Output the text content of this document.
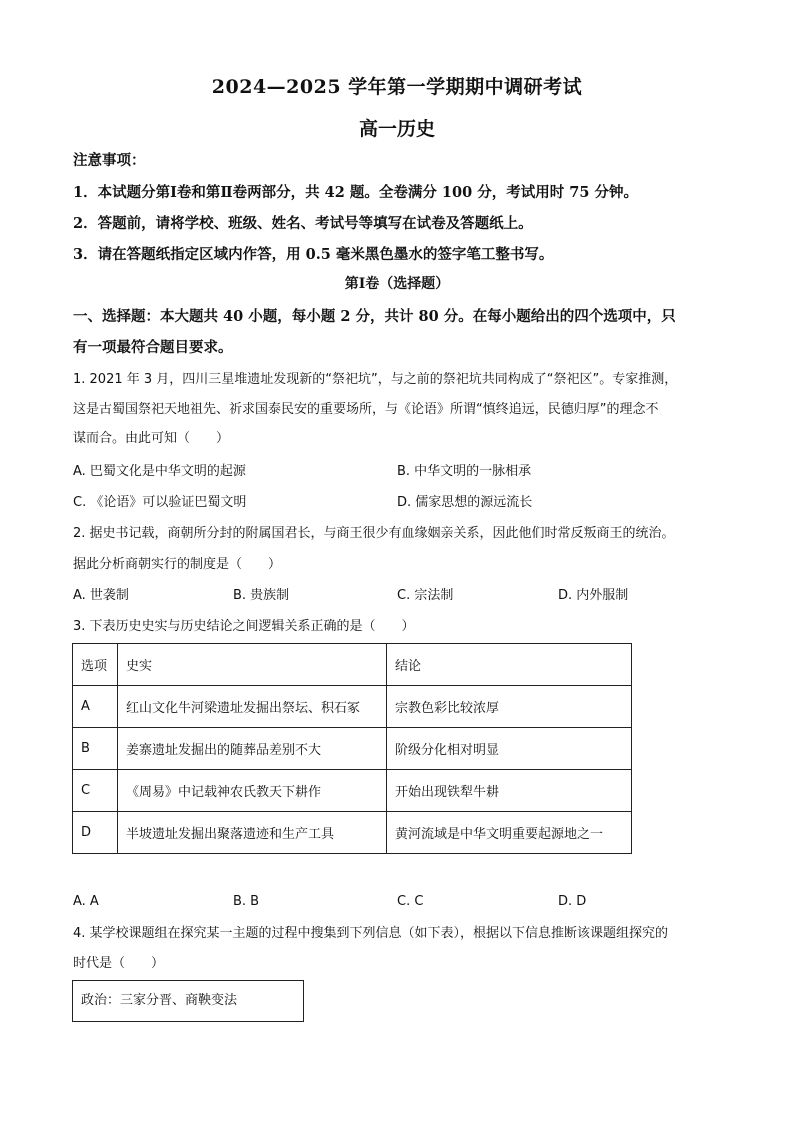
2024—2025 学年第一学期期中调研考试
高一历史
注意事项：
1．本试题分第Ⅰ卷和第Ⅱ卷两部分，共 42 题。全卷满分 100 分，考试用时 75 分钟。
2．答题前，请将学校、班级、姓名、考试号等填写在试卷及答题纸上。
3．请在答题纸指定区域内作答，用 0.5 毫米黑色墨水的签字笔工整书写。
第Ⅰ卷（选择题）
一、选择题：本大题共 40 小题，每小题 2 分，共计 80 分。在每小题给出的四个选项中，只
有一项最符合题目要求。
1. 2021 年 3 月，四川三星堆遗址发现新的“祭祀坑”，与之前的祭祀坑共同构成了“祭祀区”。专家推测，
这是古蜀国祭祀天地祖先、祈求国泰民安的重要场所，与《论语》所谓“慎终追远，民德归厚”的理念不
谋而合。由此可知（　　）
A. 巴蜀文化是中华文明的起源	B. 中华文明的一脉相承
C. 《论语》可以验证巴蜀文明	D. 儒家思想的源远流长
2. 据史书记载，商朝所分封的附属国君长，与商王很少有血缘姻亲关系，因此他们时常反叛商王的统治。
据此分析商朝实行的制度是（　　）
A. 世袭制	B. 贵族制	C. 宗法制	D. 内外服制
3. 下表历史史实与历史结论之间逻辑关系正确的是（　　）
选项	史实	结论
A	红山文化牛河梁遗址发掘出祭坛、积石冢	宗教色彩比较浓厚
B	姜寨遗址发掘出的随葬品差别不大	阶级分化相对明显
C	《周易》中记载神农氏教天下耕作	开始出现铁犁牛耕
D	半坡遗址发掘出聚落遗迹和生产工具	黄河流域是中华文明重要起源地之一
A. A	B. B	C. C	D. D
4. 某学校课题组在探究某一主题的过程中搜集到下列信息（如下表），根据以下信息推断该课题组探究的
时代是（　　）
政治：三家分晋、商鞅变法
